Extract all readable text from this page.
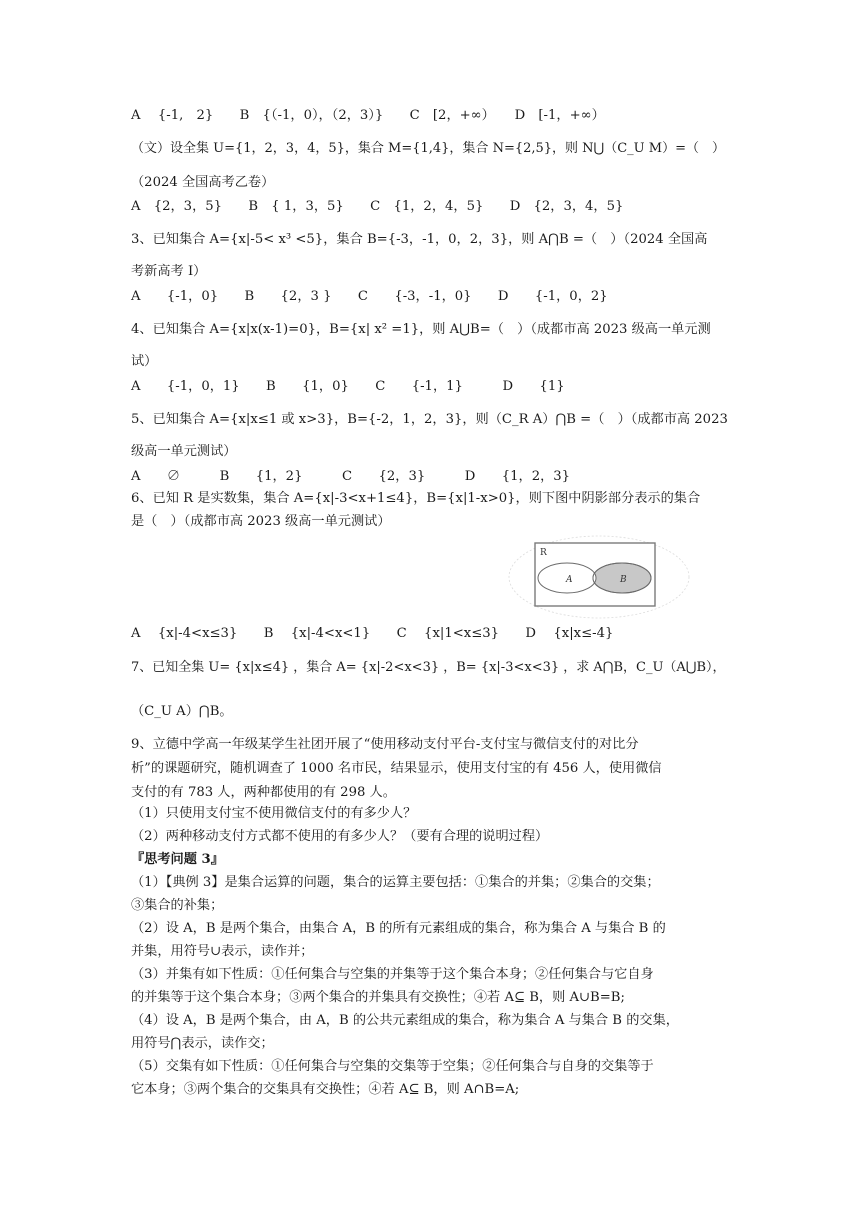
A　 {-1,　2}　　B　{（-1，0），（2，3）}　　C　[2，+∞）　　D　[-1，+∞）
（文）设全集 U={1，2，3，4，5}，集合 M={1,4}，集合 N={2,5}，则 N⋃（C_U M）=（　）
（2024 全国高考乙卷）
A　{2，3，5}　　B　{ 1，3，5}　　C　{1，2，4，5}　　D　{2，3，4，5}
3、已知集合 A={x|-5< x³ <5}，集合 B={-3，-1，0，2，3}，则 A⋂B =（　）（2024 全国高
考新高考 I）
A　　{-1，0}　　B　　{2，3 }　　C　　{-3，-1，0}　　D　　{-1，0，2}
4、已知集合 A={x|x(x-1)=0}，B={x| x² =1}，则 A⋃B=（　）（成都市高 2023 级高一单元测
试）
A　　{-1，0，1}　　B　　{1，0}　　C　　{-1，1}　　　D　　{1}
5、已知集合 A={x|x≤1 或 x>3}，B={-2，1，2，3}，则（C_R A）⋂B =（　）（成都市高 2023
级高一单元测试）
A　　∅　　　B　　{1，2}　　　C　　{2，3}　　　D　　{1，2，3}
6、已知 R 是实数集，集合 A={x|-3<x+1≤4}，B={x|1-x>0}，则下图中阴影部分表示的集合
是（　）（成都市高 2023 级高一单元测试）
R
A	B
A　 {x|-4<x≤3}　　B　 {x|-4<x<1}　　C　 {x|1<x≤3}　　D　 {x|x≤-4}
7、已知全集 U= {x|x≤4} ，集合 A= {x|-2<x<3} ，B= {x|-3<x<3} ，求 A⋂B，C_U（A⋃B），
（C_U A）⋂B。
9、立德中学高一年级某学生社团开展了“使用移动支付平台-支付宝与微信支付的对比分
析”的课题研究，随机调查了 1000 名市民，结果显示，使用支付宝的有 456 人，使用微信
支付的有 783 人，两种都使用的有 298 人。
（1）只使用支付宝不使用微信支付的有多少人？
（2）两种移动支付方式都不使用的有多少人？（要有合理的说明过程）
『思考问题 3』
（1）【典例 3】是集合运算的问题，集合的运算主要包括：①集合的并集；②集合的交集；
③集合的补集；
（2）设 A，B 是两个集合，由集合 A，B 的所有元素组成的集合，称为集合 A 与集合 B 的
并集，用符号∪表示，读作并；
（3）并集有如下性质：①任何集合与空集的并集等于这个集合本身；②任何集合与它自身
的并集等于这个集合本身；③两个集合的并集具有交换性；④若 A⊆ B，则 A∪B=B;
（4）设 A，B 是两个集合，由 A，B 的公共元素组成的集合，称为集合 A 与集合 B 的交集，
用符号⋂表示，读作交；
（5）交集有如下性质：①任何集合与空集的交集等于空集；②任何集合与自身的交集等于
它本身；③两个集合的交集具有交换性；④若 A⊆ B，则 A∩B=A;
